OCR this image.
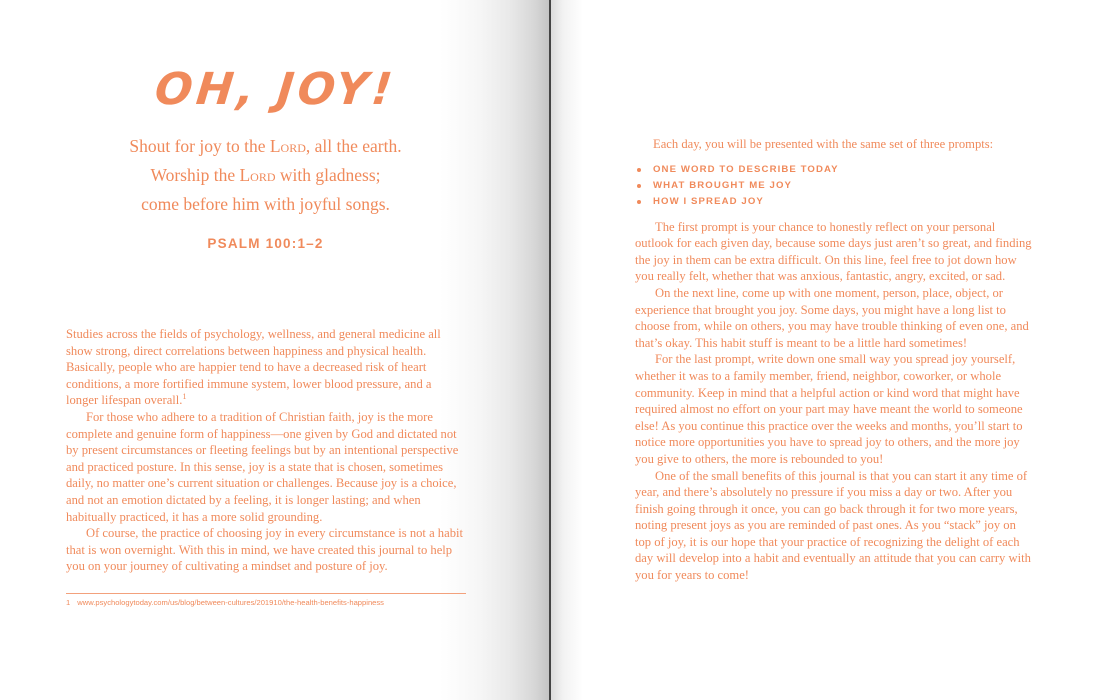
OH, JOY!
Shout for joy to the Lord, all the earth.
Worship the Lord with gladness;
come before him with joyful songs.
PSALM 100:1–2

Studies across the fields of psychology, wellness, and general medicine all show strong, direct correlations between happiness and physical health. Basically, people who are happier tend to have a decreased risk of heart conditions, a more fortified immune system, lower blood pressure, and a longer lifespan overall.$^1$

For those who adhere to a tradition of Christian faith, joy is the more complete and genuine form of happiness—one given by God and dictated not by present circumstances or fleeting feelings but by an intentional perspective and practiced posture. In this sense, joy is a state that is chosen, sometimes daily, no matter one’s current situation or challenges. Because joy is a choice, and not an emotion dictated by a feeling, it is longer lasting; and when habitually practiced, it has a more solid grounding.

Of course, the practice of choosing joy in every circumstance is not a habit that is won overnight. With this in mind, we have created this journal to help you on your journey of cultivating a mindset and posture of joy.

1 www.psychologytoday.com/us/blog/between-cultures/201910/the-health-benefits-happiness

Each day, you will be presented with the same set of three prompts:

ONE WORD TO DESCRIBE TODAY
WHAT BROUGHT ME JOY
HOW I SPREAD JOY

The first prompt is your chance to honestly reflect on your personal outlook for each given day, because some days just aren’t so great, and finding the joy in them can be extra difficult. On this line, feel free to jot down how you really felt, whether that was anxious, fantastic, angry, excited, or sad.

On the next line, come up with one moment, person, place, object, or experience that brought you joy. Some days, you might have a long list to choose from, while on others, you may have trouble thinking of even one, and that’s okay. This habit stuff is meant to be a little hard sometimes!

For the last prompt, write down one small way you spread joy yourself, whether it was to a family member, friend, neighbor, coworker, or whole community. Keep in mind that a helpful action or kind word that might have required almost no effort on your part may have meant the world to someone else! As you continue this practice over the weeks and months, you’ll start to notice more opportunities you have to spread joy to others, and the more joy you give to others, the more is rebounded to you!

One of the small benefits of this journal is that you can start it any time of year, and there’s absolutely no pressure if you miss a day or two. After you finish going through it once, you can go back through it for two more years, noting present joys as you are reminded of past ones. As you “stack” joy on top of joy, it is our hope that your practice of recognizing the delight of each day will develop into a habit and eventually an attitude that you can carry with you for years to come!
